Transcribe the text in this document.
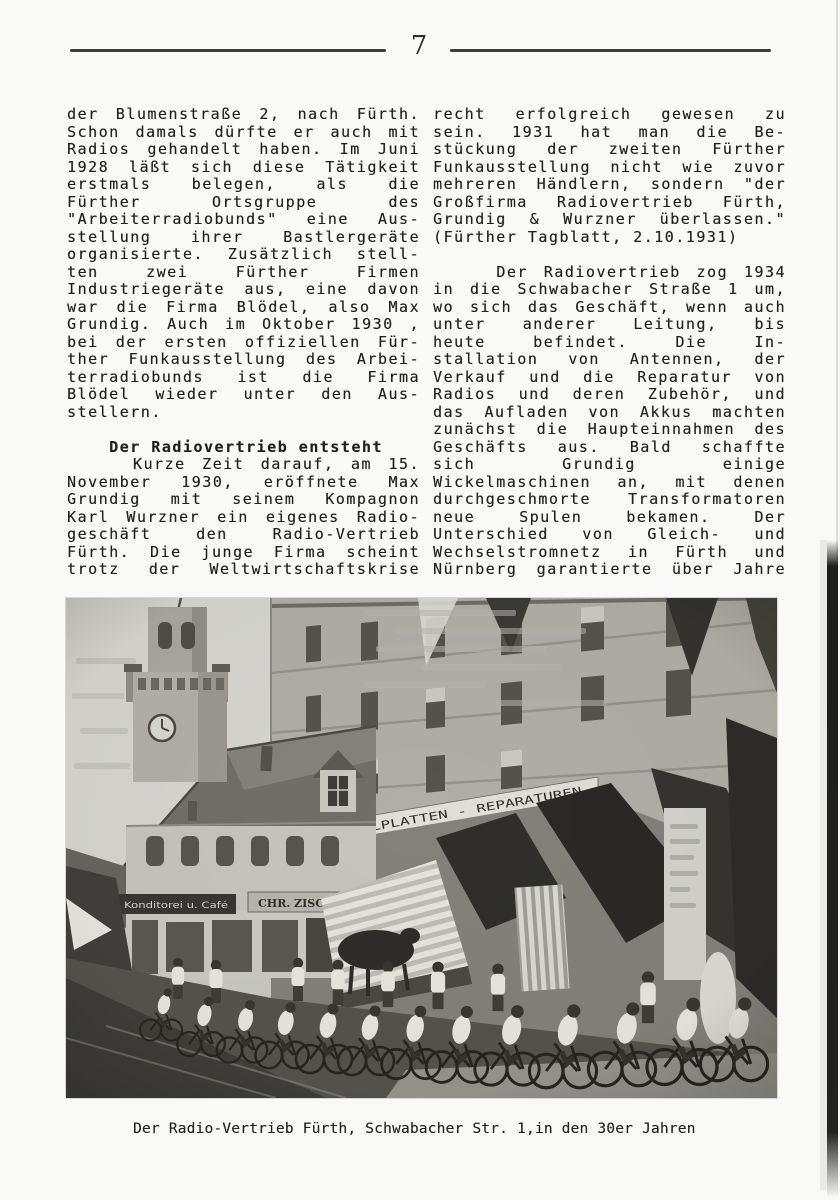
7
der Blumenstraße 2, nach Fürth.
Schon damals dürfte er auch mit
Radios gehandelt haben. Im Juni
1928 läßt sich diese Tätigkeit
erstmals belegen, als die
Fürther Ortsgruppe des
"Arbeiterradiobunds" eine Aus-
stellung ihrer Bastlergeräte
organisierte. Zusätzlich stell-
ten zwei Fürther Firmen
Industriegeräte aus, eine davon
war die Firma Blödel, also Max
Grundig. Auch im Oktober 1930 ,
bei der ersten offiziellen Für-
ther Funkausstellung des Arbei-
terradiobunds ist die Firma
Blödel wieder unter den Aus-
stellern.
Der Radiovertrieb entsteht
Kurze Zeit darauf, am 15.
November 1930, eröffnete Max
Grundig mit seinem Kompagnon
Karl Wurzner ein eigenes Radio-
geschäft den Radio-Vertrieb
Fürth. Die junge Firma scheint
trotz der Weltwirtschaftskrise
recht erfolgreich gewesen zu
sein. 1931 hat man die Be-
stückung der zweiten Fürther
Funkausstellung nicht wie zuvor
mehreren Händlern, sondern "der
Großfirma Radiovertrieb Fürth,
Grundig & Wurzner überlassen."
(Fürther Tagblatt, 2.10.1931)
Der Radiovertrieb zog 1934
in die Schwabacher Straße 1 um,
wo sich das Geschäft, wenn auch
unter anderer Leitung, bis
heute befindet. Die In-
stallation von Antennen, der
Verkauf und die Reparatur von
Radios und deren Zubehör, und
das Aufladen von Akkus machten
zunächst die Haupteinnahmen des
Geschäfts aus. Bald schaffte
sich Grundig einige
Wickelmaschinen an, mit denen
durchgeschmorte Transformatoren
neue Spulen bekamen. Der
Unterschied von Gleich- und
Wechselstromnetz in Fürth und
Nürnberg garantierte über Jahre
Der Radio-Vertrieb Fürth, Schwabacher Str. 1,in den 30er Jahren
